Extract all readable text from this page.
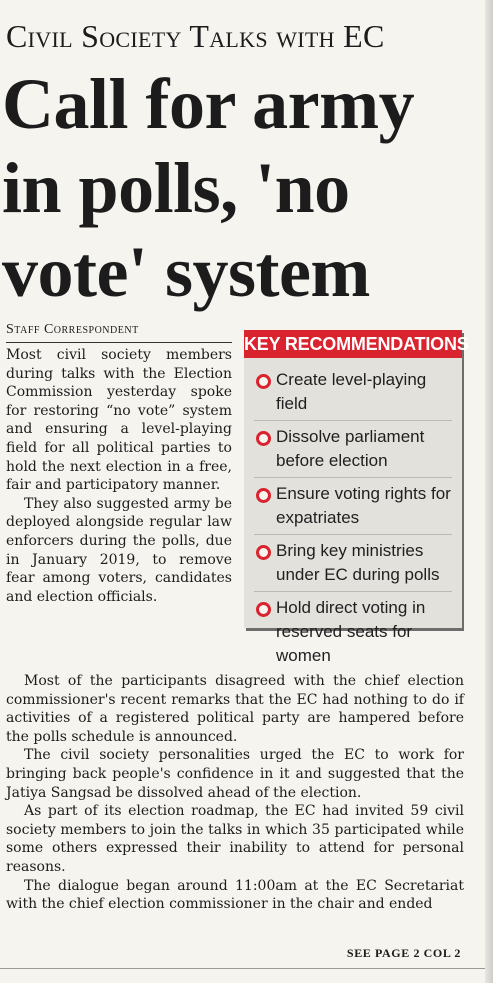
Civil Society Talks with EC
Call for army
in polls, 'no
vote' system
Staff Correspondent
KEY RECOMMENDATIONS
Create level-playing field
Dissolve parliament before election
Ensure voting rights for expatriates
Bring key ministries under EC during polls
Hold direct voting in reserved seats for women

Most civil society members during talks with the Election Commission yesterday spoke for restoring “no vote” system and ensuring a level-playing field for all political parties to hold the next election in a free, fair and participatory manner.

They also suggested army be deployed alongside regular law enforcers during the polls, due in January 2019, to remove fear among voters, candidates and election officials.

Most of the participants disagreed with the chief election commissioner's recent remarks that the EC had nothing to do if activities of a registered political party are hampered before the polls schedule is announced.

The civil society personalities urged the EC to work for bringing back people's confidence in it and suggested that the Jatiya Sangsad be dissolved ahead of the election.

As part of its election roadmap, the EC had invited 59 civil society members to join the talks in which 35 participated while some others expressed their inability to attend for personal reasons.

The dialogue began around 11:00am at the EC Secretariat with the chief election commissioner in the chair and ended

SEE PAGE 2 COL 2
